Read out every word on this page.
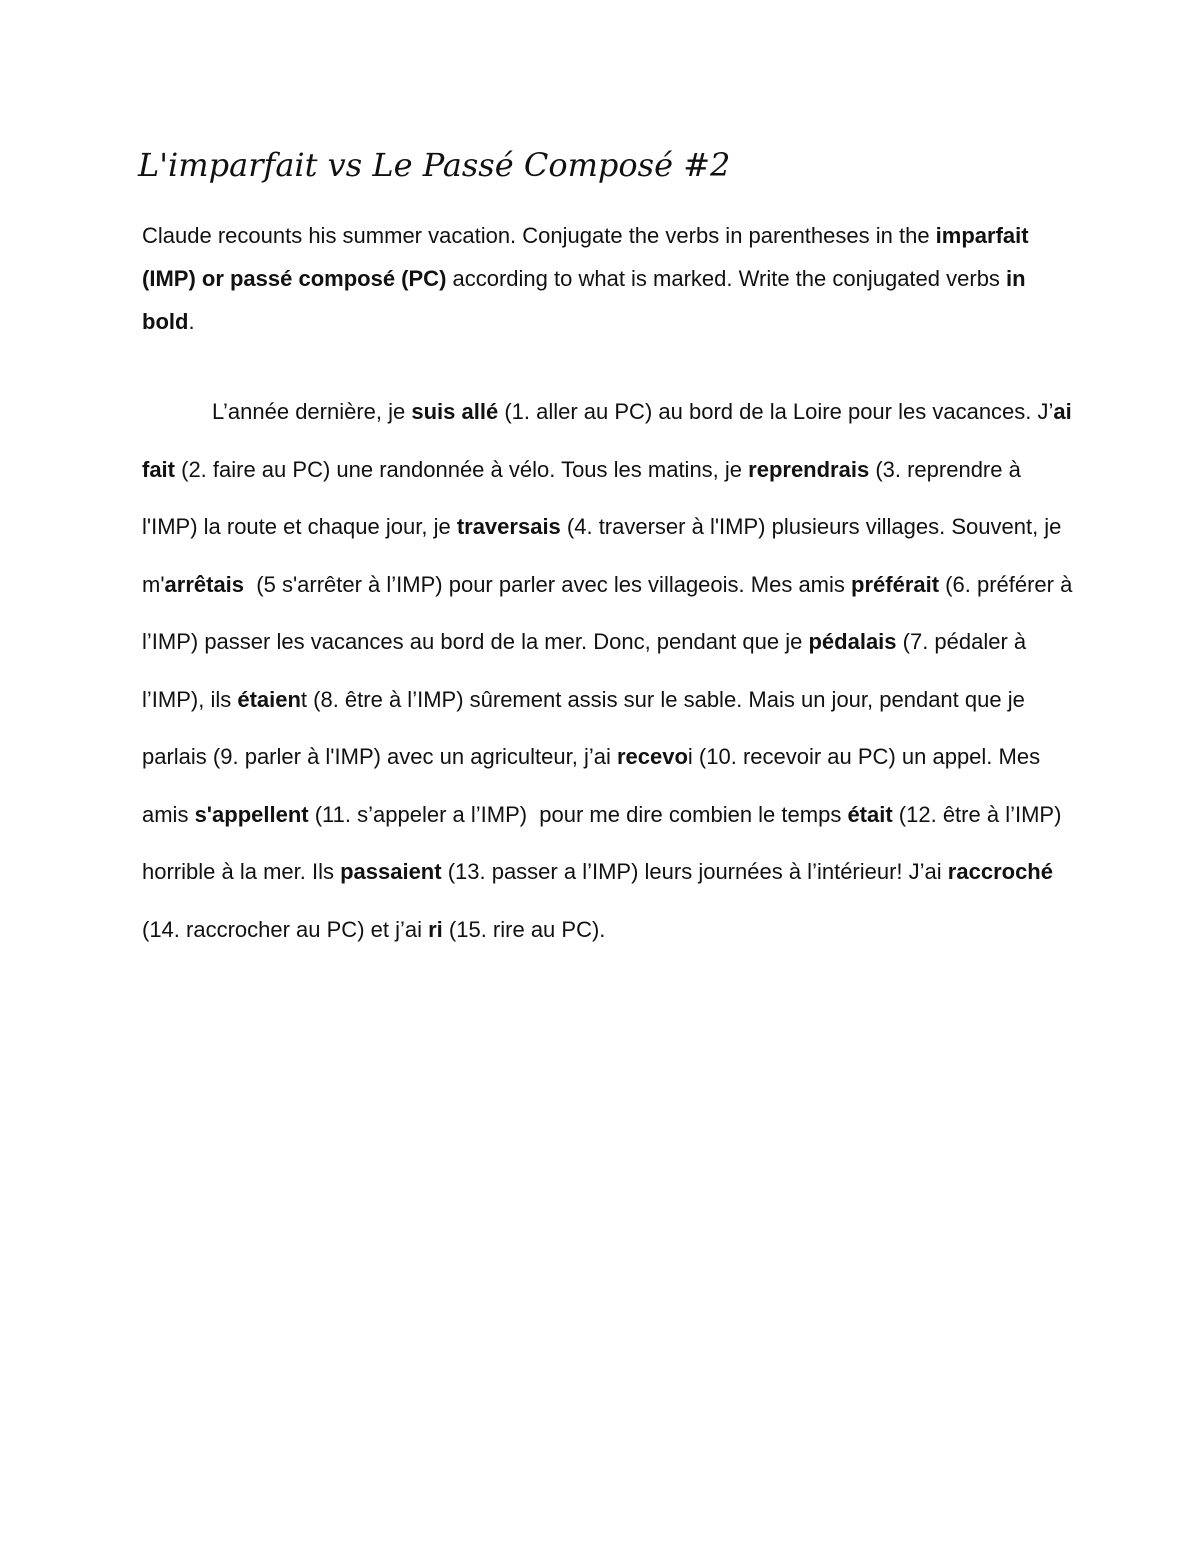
L'imparfait vs Le Passé Composé #2

Claude recounts his summer vacation. Conjugate the verbs in parentheses in the imparfait (IMP) or passé composé (PC) according to what is marked. Write the conjugated verbs in bold.

L’année dernière, je suis allé (1. aller au PC) au bord de la Loire pour les vacances. J’ai fait (2. faire au PC) une randonnée à vélo. Tous les matins, je reprendrais (3. reprendre à l'IMP) la route et chaque jour, je traversais (4. traverser à l'IMP) plusieurs villages. Souvent, je m'arrêtais  (5 s'arrêter à l’IMP) pour parler avec les villageois. Mes amis préférait (6. préférer à l’IMP) passer les vacances au bord de la mer. Donc, pendant que je pédalais (7. pédaler à l’IMP), ils étaient (8. être à l’IMP) sûrement assis sur le sable. Mais un jour, pendant que je parlais (9. parler à l'IMP) avec un agriculteur, j’ai recevoi (10. recevoir au PC) un appel. Mes amis s'appellent (11. s’appeler a l’IMP)  pour me dire combien le temps était (12. être à l’IMP) horrible à la mer. Ils passaient (13. passer a l’IMP) leurs journées à l’intérieur! J’ai raccroché (14. raccrocher au PC) et j’ai ri (15. rire au PC).
